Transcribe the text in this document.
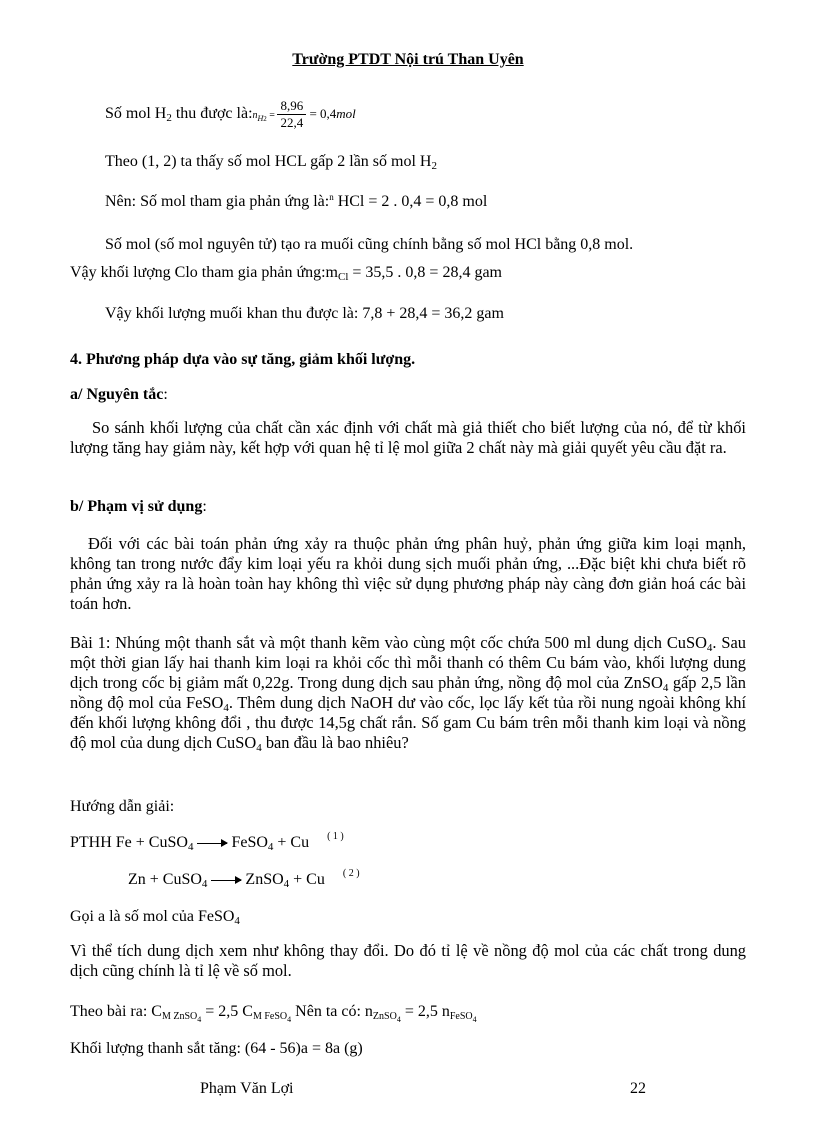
Trường PTDT Nội trú Than Uyên
Số mol $H_2$ thu được $là:n_{H2} = \frac{8,96}{22,4} = 0,4mol$
Theo (1, 2) ta thấy số mol HCL gấp 2 lần số mol $H_2$
Nên: Số mol tham gia phản ứng là:$^n$ HCl = 2 . 0,4 = 0,8 mol
Số mol (số mol nguyên tử) tạo ra muối cũng chính bằng số mol HCl bằng 0,8 mol.
Vậy khối lượng Clo tham gia phản $ứng:m_{Cl} = 35,5$ . 0,8 = 28,4 gam
Vậy khối lượng muối khan thu được là: 7,8 + 28,4 = 36,2 gam
4. Phương pháp dựa vào sự tăng, giảm khối lượng.
a/ Nguyên tắc:
So sánh khối lượng của chất cần xác định với chất mà giả thiết cho biết lượng của nó, để từ khối lượng tăng hay giảm này, kết hợp với quan hệ tỉ lệ mol giữa 2 chất này mà giải quyết yêu cầu đặt ra.
b/ Phạm vị sử dụng:
Đối với các bài toán phản ứng xảy ra thuộc phản ứng phân huỷ, phản ứng giữa kim loại mạnh, không tan trong nước đẩy kim loại yếu ra khỏi dung sịch muối phản ứng, ...Đặc biệt khi chưa biết rõ phản ứng xảy ra là hoàn toàn hay không thì việc sử dụng phương pháp này càng đơn giản hoá các bài toán hơn.
Bài 1: Nhúng một thanh sắt và một thanh kẽm vào cùng một cốc chứa 500 ml dung dịch CuSO$_4$. Sau một thời gian lấy hai thanh kim loại ra khỏi cốc thì mỗi thanh có thêm Cu bám vào, khối lượng dung dịch trong cốc bị giảm mất 0,22g. Trong dung dịch sau phản ứng, nồng độ mol của ZnSO$_4$ gấp 2,5 lần nồng độ mol của FeSO$_4$. Thêm dung dịch NaOH dư vào cốc, lọc lấy kết tủa rồi nung ngoài không khí đến khối lượng không đổi , thu được 14,5g chất rắn. Số gam Cu bám trên mỗi thanh kim loại và nồng độ mol của dung dịch CuSO$_4$ ban đầu là bao nhiêu?
Hướng dẫn giải:
PTHH Fe + CuSO$_4$ → FeSO$_4$ + Cu $^{( 1 )}$
Zn + CuSO$_4$ → ZnSO$_4$ + Cu $^{( 2 )}$
Gọi a là số mol của FeSO$_4$
Vì thể tích dung dịch xem như không thay đổi. Do đó tỉ lệ về nồng độ mol của các chất trong dung dịch cũng chính là tỉ lệ về số mol.
Theo bài ra: $C_{M ZnSO_4} = 2,5$ $C_{M FeSO_4}$ Nên ta có: $n_{ZnSO_4} = 2,5$ $n_{FeSO_4}$
Khối lượng thanh sắt tăng: (64 - 56)a = 8a (g)
Phạm Văn Lợi	22
